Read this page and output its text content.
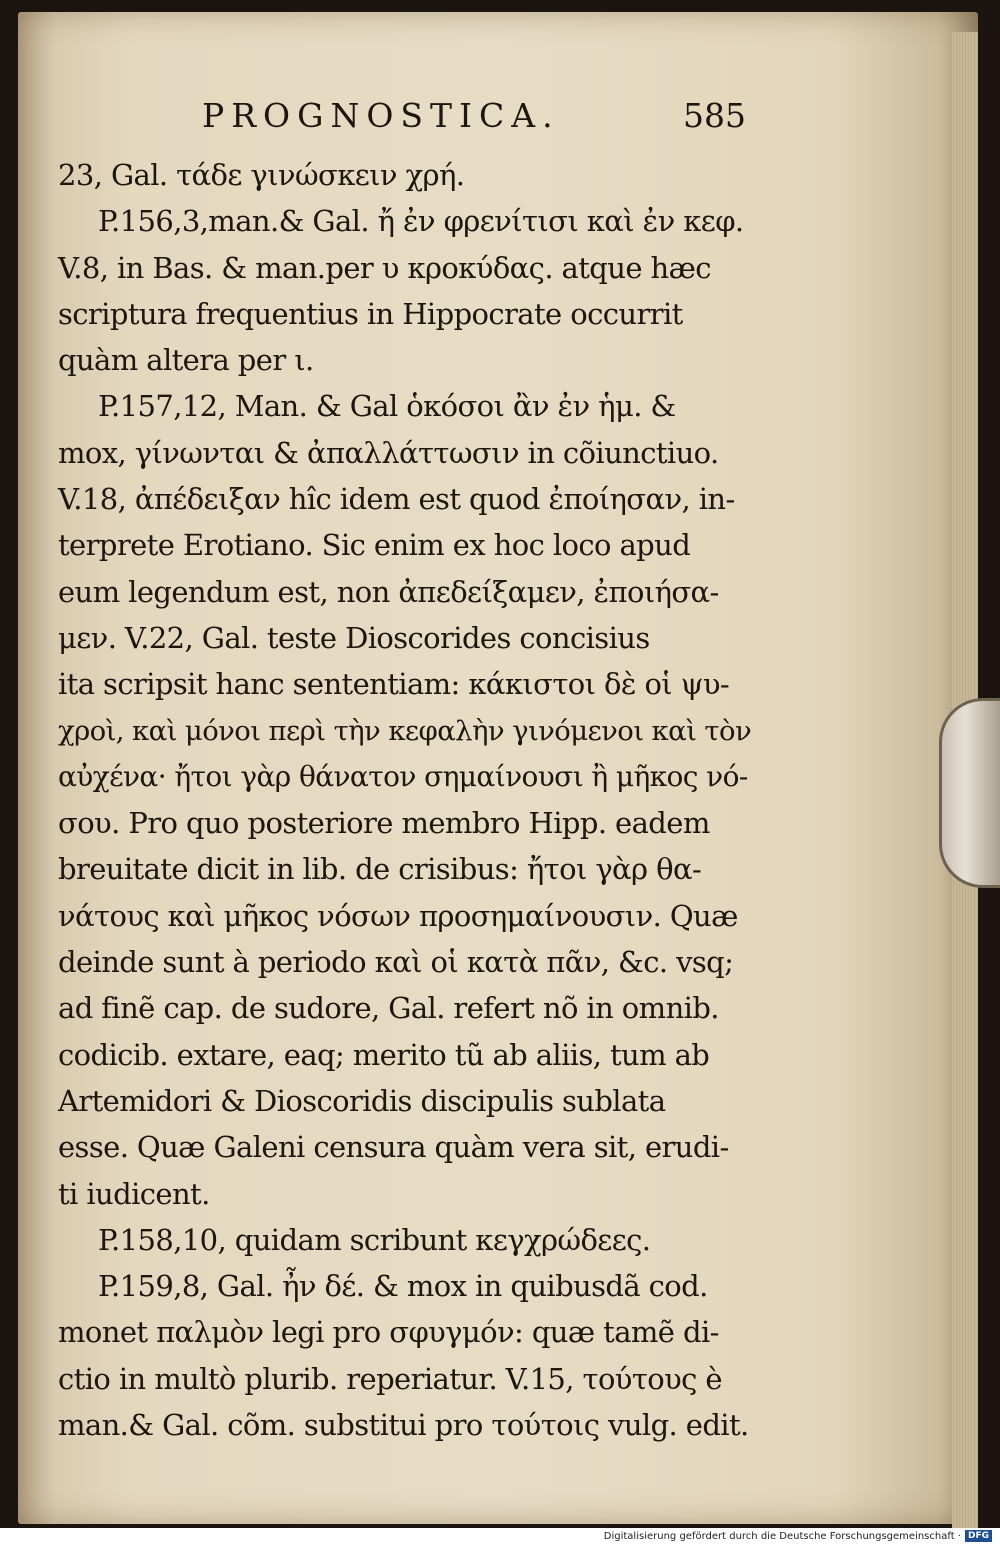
PROGNOSTICA.	585
23, Gal. τάδε γινώσκειν χρή.
P.156,3,man.& Gal. ἤ ἐν φρενίτισι καὶ ἐν κεφ.
V.8, in Bas. & man.per υ κροκύδας. atque hæc
scriptura frequentius in Hippocrate occurrit
quàm altera per ι.
P.157,12, Man. & Gal ὁκόσοι ἂν ἐν ἡμ. &
mox, γίνωνται & ἀπαλλάττωσιν in cõiunctiuo.
V.18, ἀπέδειξαν hîc idem est quod ἐποίησαν, in-
terprete Erotiano. Sic enim ex hoc loco apud
eum legendum est, non ἀπεδείξαμεν, ἐποιήσα-
μεν. V.22, Gal. teste Dioscorides concisius
ita scripsit hanc sententiam: κάκιστοι δὲ οἱ ψυ-
χροὶ, καὶ μόνοι περὶ τὴν κεφαλὴν γινόμενοι καὶ τὸν
αὐχένα· ἤτοι γὰρ θάνατον σημαίνουσι ἢ μῆκος νό-
σου. Pro quo posteriore membro Hipp. eadem
breuitate dicit in lib. de crisibus: ἤτοι γὰρ θα-
νάτους καὶ μῆκος νόσων προσημαίνουσιν. Quæ
deinde sunt à periodo καὶ οἱ κατὰ πᾶν, &c. vsq;
ad finẽ cap. de sudore, Gal. refert nõ in omnib.
codicib. extare, eaq; merito tũ ab aliis, tum ab
Artemidori & Dioscoridis discipulis sublata
esse. Quæ Galeni censura quàm vera sit, erudi-
ti iudicent.
P.158,10, quidam scribunt κεγχρώδεες.
P.159,8, Gal. ἦν δέ. & mox in quibusdã cod.
monet παλμὸν legi pro σφυγμόν: quæ tamẽ di-
ctio in multò plurib. reperiatur. V.15, τούτους è
man.& Gal. cõm. substitui pro τούτοις vulg. edit.
Digitalisierung gefördert durch die Deutsche Forschungsgemeinschaft · DFG
